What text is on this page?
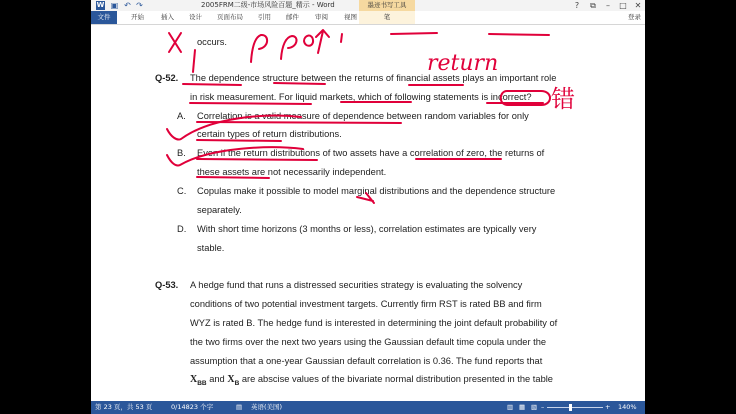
W ▣ ↶ ↷	2005FRM二级-市场风险百题_精示 - Word	墨迹书写工具	?	⧉	–	□ ✕
文件	开始	插入 设计 页面布局 引用 邮件 审阅 视图	笔	登录
occurs.
Q-52. The dependence structure between the returns of financial assets plays an important role
in risk measurement. For liquid markets, which of following statements is incorrect?
A. Correlation is a valid measure of dependence between random variables for only
certain types of return distributions.
B. Even if the return distributions of two assets have a correlation of zero, the returns of
these assets are not necessarily independent.
C. Copulas make it possible to model marginal distributions and the dependence structure
separately.
D. With short time horizons (3 months or less), correlation estimates are typically very
stable.
Q-53. A hedge fund that runs a distressed securities strategy is evaluating the solvency
conditions of two potential investment targets. Currently firm RST is rated BB and firm
WYZ is rated B. The hedge fund is interested in determining the joint default probability of
the two firms over the next two years using the Gaussian default time copula under the
assumption that a one-year Gaussian default correlation is 0.36. The fund reports that
$X_{BB}$ and $X_B$ are abscise values of the bivariate normal distribution presented in the table
return
错
第 23 页，共 53 页	0/14823 个字	▤ 英语(美国)	▥ ▦ ▧ –	+ 140%
